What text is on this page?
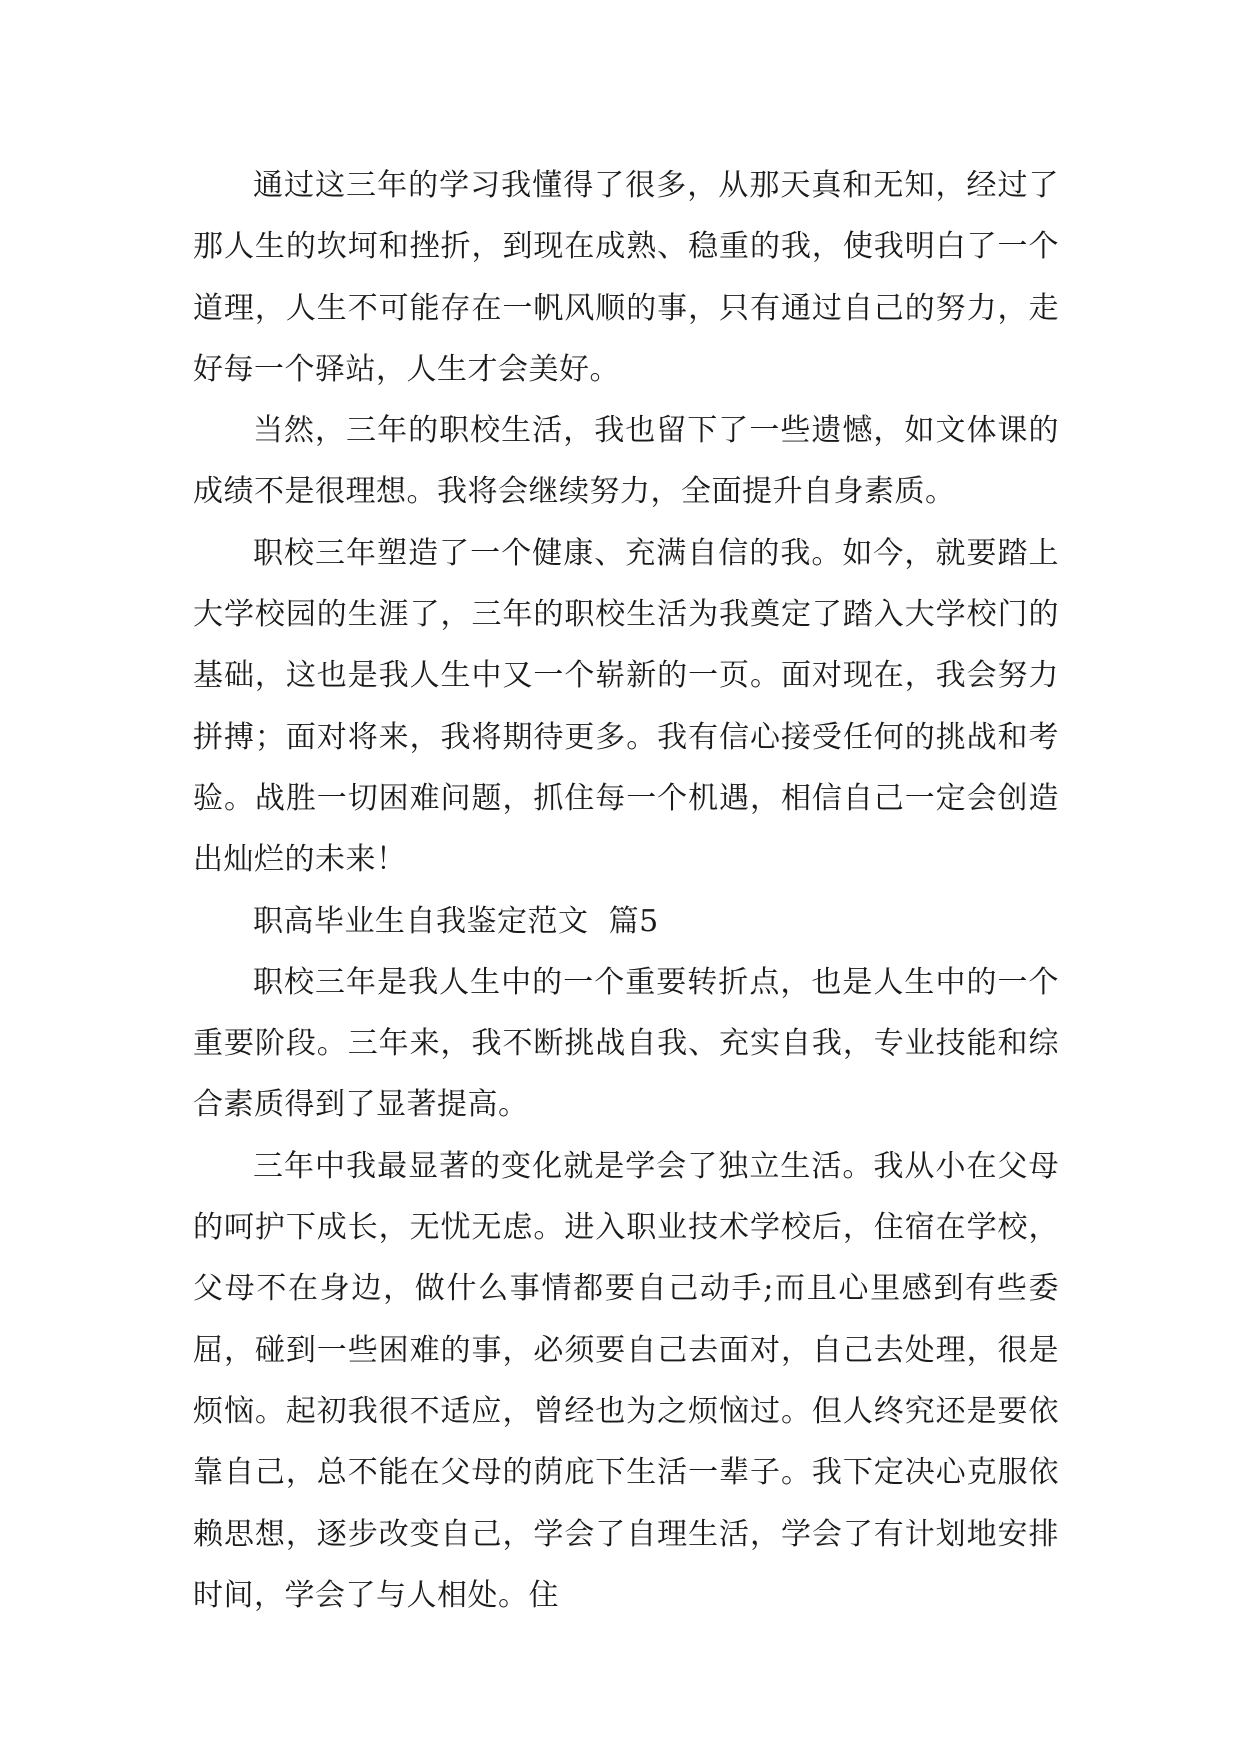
通过这三年的学习我懂得了很多，从那天真和无知，经过了那人生的坎坷和挫折，到现在成熟、稳重的我，使我明白了一个道理，人生不可能存在一帆风顺的事，只有通过自己的努力，走好每一个驿站，人生才会美好。

当然，三年的职校生活，我也留下了一些遗憾，如文体课的成绩不是很理想。我将会继续努力，全面提升自身素质。

职校三年塑造了一个健康、充满自信的我。如今，就要踏上大学校园的生涯了，三年的职校生活为我奠定了踏入大学校门的基础，这也是我人生中又一个崭新的一页。面对现在，我会努力拼搏；面对将来，我将期待更多。我有信心接受任何的挑战和考验。战胜一切困难问题，抓住每一个机遇，相信自己一定会创造出灿烂的未来！

职高毕业生自我鉴定范文  篇5

职校三年是我人生中的一个重要转折点，也是人生中的一个重要阶段。三年来，我不断挑战自我、充实自我，专业技能和综合素质得到了显著提高。

三年中我最显著的变化就是学会了独立生活。我从小在父母的呵护下成长，无忧无虑。进入职业技术学校后，住宿在学校，父母不在身边，做什么事情都要自己动手;而且心里感到有些委屈，碰到一些困难的事，必须要自己去面对，自己去处理，很是烦恼。起初我很不适应，曾经也为之烦恼过。但人终究还是要依靠自己，总不能在父母的荫庇下生活一辈子。我下定决心克服依赖思想，逐步改变自己，学会了自理生活，学会了有计划地安排时间，学会了与人相处。住
